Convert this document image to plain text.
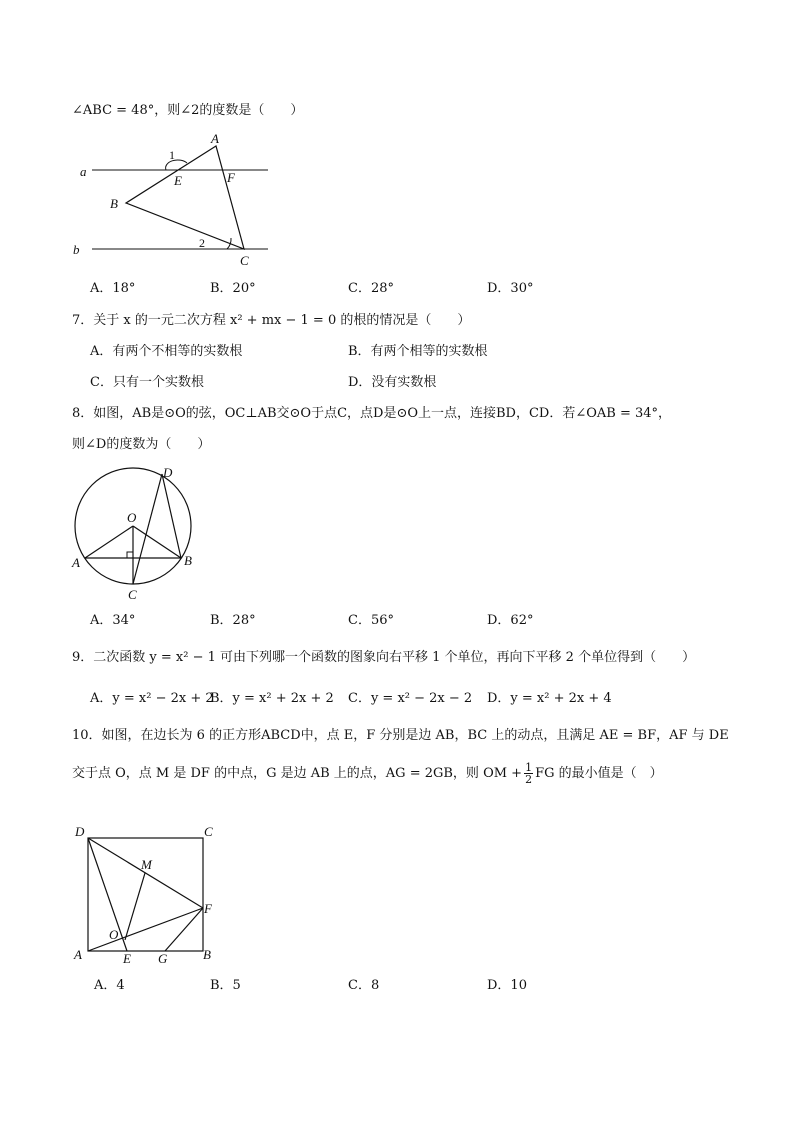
∠ABC = 48°，则∠2的度数是（　　）
a
b
A
B
C
E	F
1
2
A．18°	B．20°	C．28°	D．30°
7．关于 x 的一元二次方程 x² + mx − 1 = 0 的根的情况是（　　）
A．有两个不相等的实数根	B．有两个相等的实数根
C．只有一个实数根	D．没有实数根
8．如图，AB是⊙O的弦，OC⊥AB交⊙O于点C，点D是⊙O上一点，连接BD，CD．若∠OAB = 34°，
则∠D的度数为（　　）
A	B
C
D
O
A．34°	B．28°	C．56°	D．62°
9．二次函数 y = x² − 1 可由下列哪一个函数的图象向右平移 1 个单位，再向下平移 2 个单位得到（　　）
A．y = x² − 2x + 2
B．y = x² + 2x + 2 C．y = x² − 2x − 2 D．y = x² + 2x + 4
10．如图，在边长为 6 的正方形ABCD中，点 E，F 分别是边 AB，BC 上的动点，且满足 AE = BF，AF 与 DE
交于点 O，点 M 是 DF 的中点，G 是边 AB 上的点，AG = 2GB，则 OM + $\frac{1}{2}$ FG 的最小值是（　）
D	C
A	B
E G
F
M
O
A．4	B．5	C．8	D．10
